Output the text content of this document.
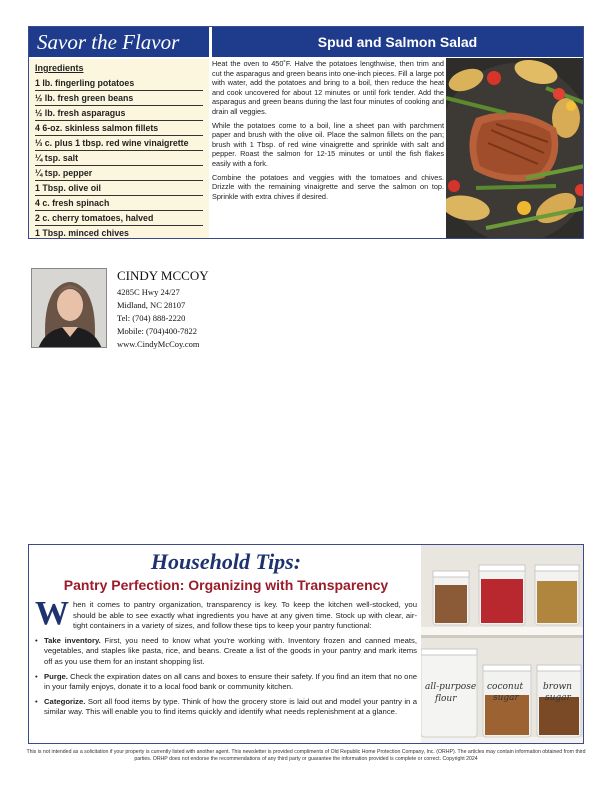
Savor the Flavor	Spud and Salmon Salad
Ingredients
1 lb. fingerling potatoes
½ lb. fresh green beans
½ lb. fresh asparagus
4 6-oz. skinless salmon fillets
⅓ c. plus 1 tbsp. red wine vinaigrette
¼ tsp. salt
¼ tsp. pepper
1 Tbsp. olive oil
4 c. fresh spinach
2 c. cherry tomatoes, halved
1 Tbsp. minced chives

Heat the oven to 450˚F. Halve the potatoes lengthwise, then trim and cut the asparagus and green beans into one-inch pieces. Fill a large pot with water, add the potatoes and bring to a boil, then reduce the heat and cook uncovered for about 12 minutes or until fork tender. Add the asparagus and green beans during the last four minutes of cooking and drain all veggies.

While the potatoes come to a boil, line a sheet pan with parchment paper and brush with the olive oil. Place the salmon fillets on the pan; brush with 1 Tbsp. of red wine vinaigrette and sprinkle with salt and pepper. Roast the salmon for 12-15 minutes or until the fish flakes easily with a fork.

Combine the potatoes and veggies with the tomatoes and chives. Drizzle with the remaining vinaigrette and serve the salmon on top. Sprinkle with extra chives if desired.

CINDY MCCOY
4285C Hwy 24/27
Midland, NC 28107
Tel: (704) 888-2220
Mobile: (704)400-7822
www.CindyMcCoy.com
Household Tips:
Pantry Perfection: Organizing with Transparency
When it comes to pantry organization, transparency is key. To keep the kitchen well-stocked, you should be able to see exactly what ingredients you have at any given time. Stock up with clear, air-tight containers in a variety of sizes, and follow these tips to keep your pantry functional:
• Take inventory. First, you need to know what you're working with. Inventory frozen and canned meats, vegetables, and staples like pasta, rice, and beans. Create a list of the goods in your pantry and mark items off as you use them for an instant shopping list.
• Purge. Check the expiration dates on all cans and boxes to ensure their safety. If you find an item that no one in your family enjoys, donate it to a local food bank or community kitchen.
• Categorize. Sort all food items by type. Think of how the grocery store is laid out and model your pantry in a similar way. This will enable you to find items quickly and identify what needs replenishment at a glance.
all-purpose
flour
coconut
sugar
brown
sugar
This is not intended as a solicitation if your property is currently listed with another agent. This newsletter is provided compliments of Old Republic Home Protection Company, Inc. (ORHP). The articles may contain information obtained from third parties. ORHP does not endorse the recommendations of any third party or guarantee the information provided is complete or correct. Copyright 2024
